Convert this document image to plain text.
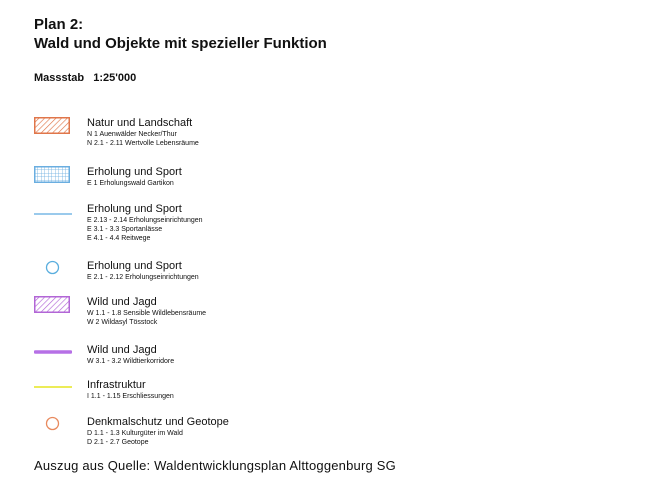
Plan 2:
Wald und Objekte mit spezieller Funktion
Massstab 1:25'000
Natur und Landschaft
N 1 Auenwälder Necker/Thur
N 2.1 - 2.11 Wertvolle Lebensräume
Erholung und Sport
E 1 Erholungswald Gartikon
Erholung und Sport
E 2.13 - 2.14 Erholungseinrichtungen
E 3.1 - 3.3 Sportanlässe
E 4.1 - 4.4 Reitwege
Erholung und Sport
E 2.1 - 2.12 Erholungseinrichtungen
Wild und Jagd
W 1.1 - 1.8 Sensible Wildlebensräume
W 2 Wildasyl Tösstock
Wild und Jagd
W 3.1 - 3.2 Wildtierkorridore
Infrastruktur
I 1.1 - 1.15 Erschliessungen
Denkmalschutz und Geotope
D 1.1 - 1.3 Kulturgüter im Wald
D 2.1 - 2.7 Geotope
Auszug aus Quelle: Waldentwicklungsplan Alttoggenburg SG
